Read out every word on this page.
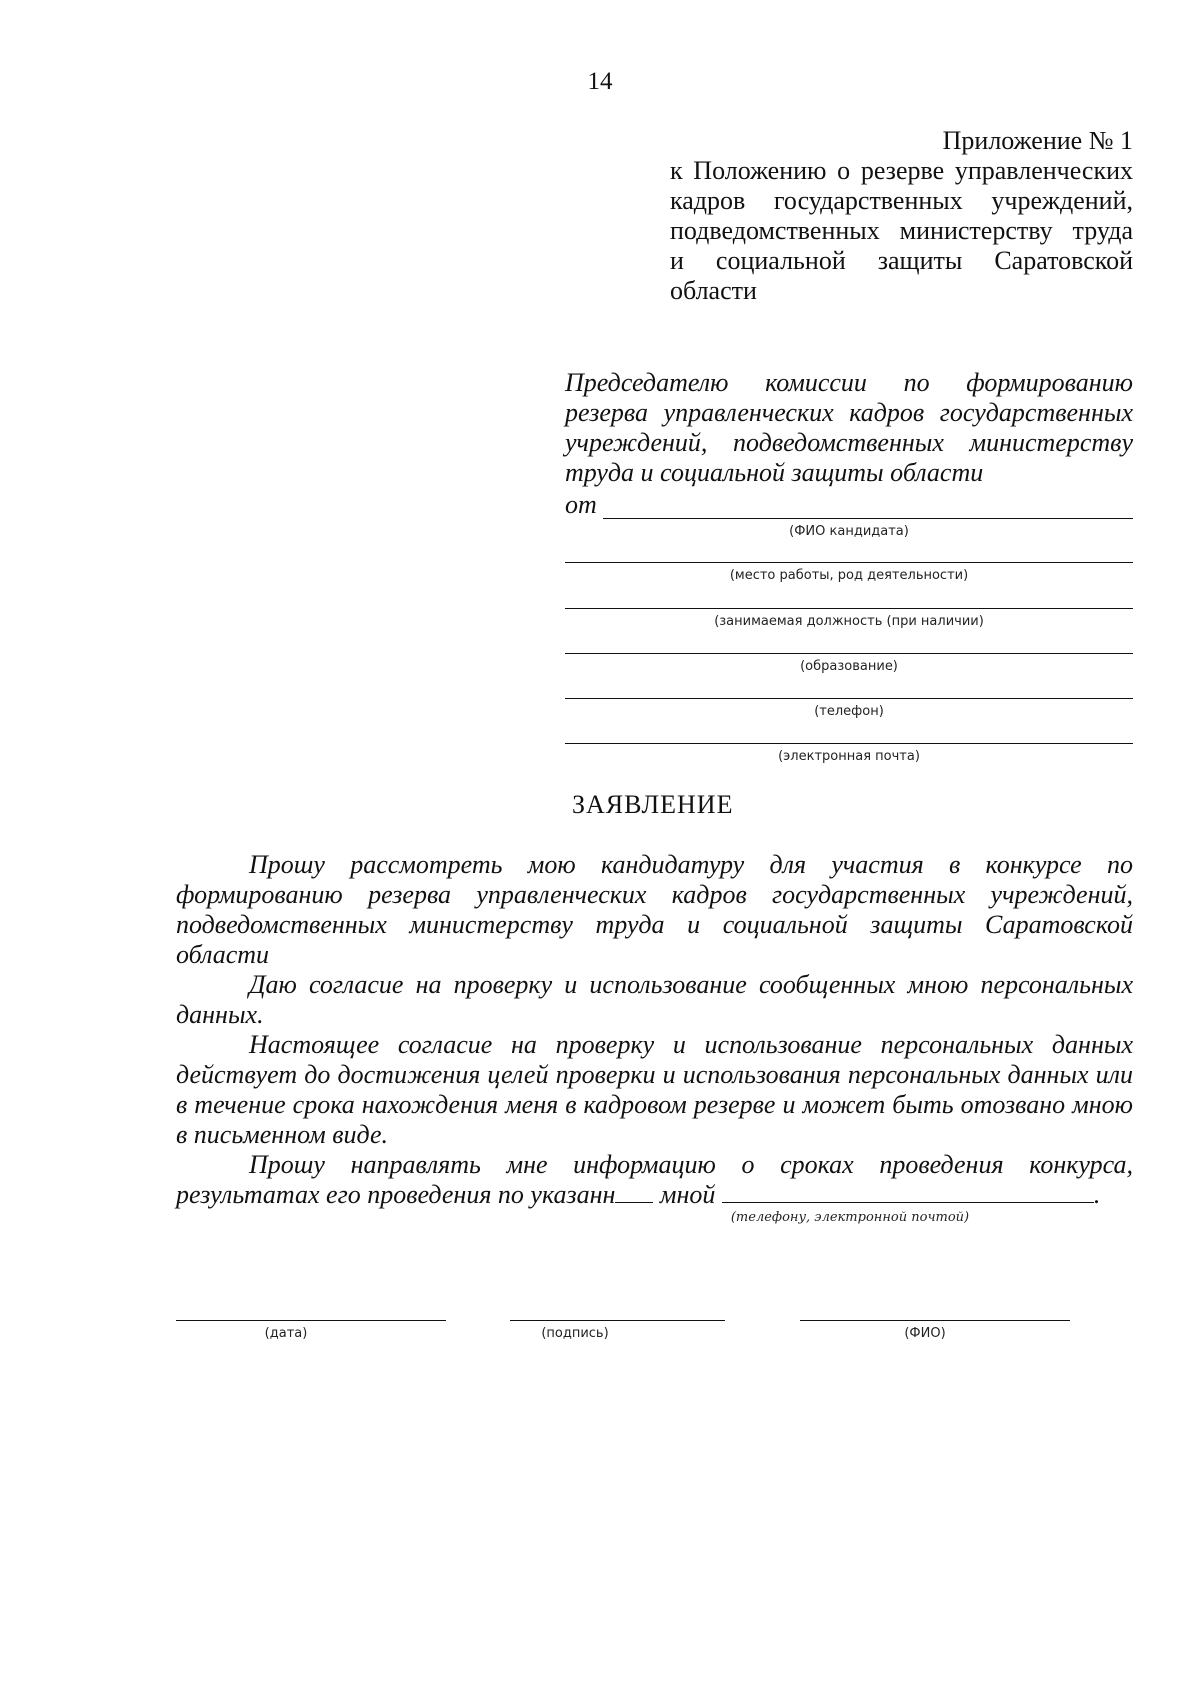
14
Приложение № 1
к Положению о резерве управленческих
кадров государственных учреждений,
подведомственных министерству труда
и социальной защиты Саратовской
области
Председателю комиссии по формированию
резерва управленческих кадров государственных
учреждений, подведомственных министерству
труда и социальной защиты области
от
(ФИО кандидата)
(место работы, род деятельности)
(занимаемая должность (при наличии)
(образование)
(телефон)
(электронная почта)
ЗАЯВЛЕНИЕ

Прошу рассмотреть мою кандидатуру для участия в конкурсе по формированию резерва управленческих кадров государственных учреждений, подведомственных министерству труда и социальной защиты Саратовской области

Даю согласие на проверку и использование сообщенных мною персональных данных.

Настоящее согласие на проверку и использование персональных данных действует до достижения целей проверки и использования персональных данных или в течение срока нахождения меня в кадровом резерве и может быть отозвано мною в письменном виде.

Прошу направлять мне информацию о сроках проведения конкурса,

результатах его проведения по указанн мной	.
(телефону, электронной почтой)
(дата)	(подпись)	(ФИО)
